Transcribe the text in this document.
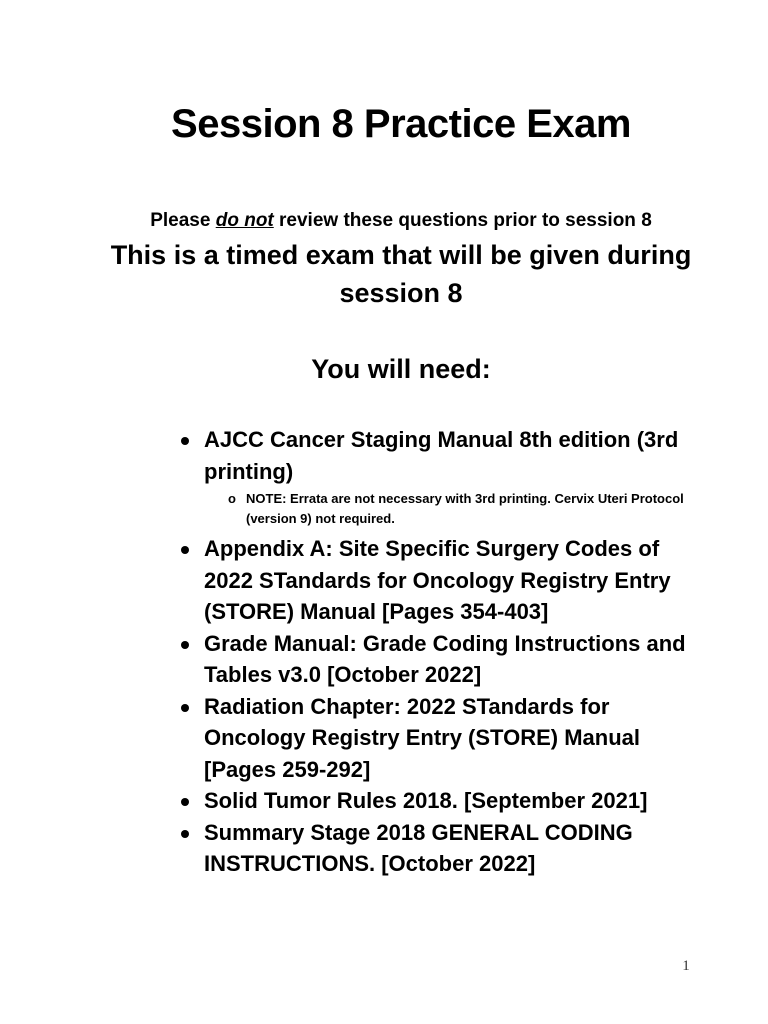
Session 8 Practice Exam
Please do not review these questions prior to session 8
This is a timed exam that will be given during session 8
You will need:
AJCC Cancer Staging Manual 8th edition (3rd printing)
o NOTE: Errata are not necessary with 3rd printing. Cervix Uteri Protocol (version 9) not required.
Appendix A: Site Specific Surgery Codes of 2022 STandards for Oncology Registry Entry (STORE) Manual [Pages 354-403]
Grade Manual: Grade Coding Instructions and Tables v3.0 [October 2022]
Radiation Chapter: 2022 STandards for Oncology Registry Entry (STORE) Manual [Pages 259-292]
Solid Tumor Rules 2018. [September 2021]
Summary Stage 2018 GENERAL CODING INSTRUCTIONS. [October 2022]
1
